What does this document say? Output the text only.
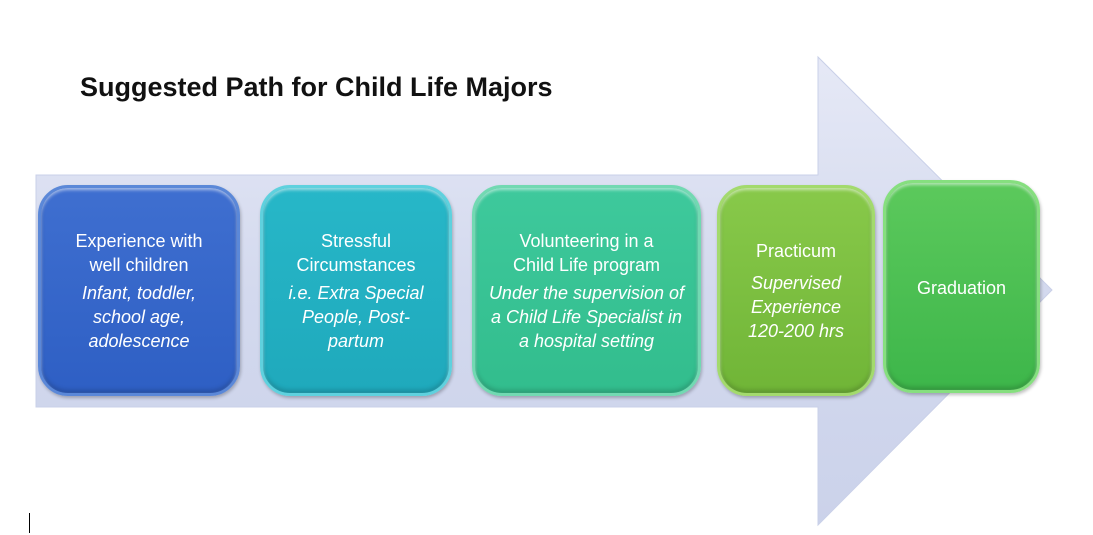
Suggested Path for Child Life Majors
Experience with well children
Infant, toddler, school age, adolescence
Stressful Circumstances
i.e. Extra Special People, Post-partum
Volunteering in a Child Life program
Under the supervision of a Child Life Specialist in a hospital setting
Practicum
Supervised Experience 120-200 hrs
Graduation
